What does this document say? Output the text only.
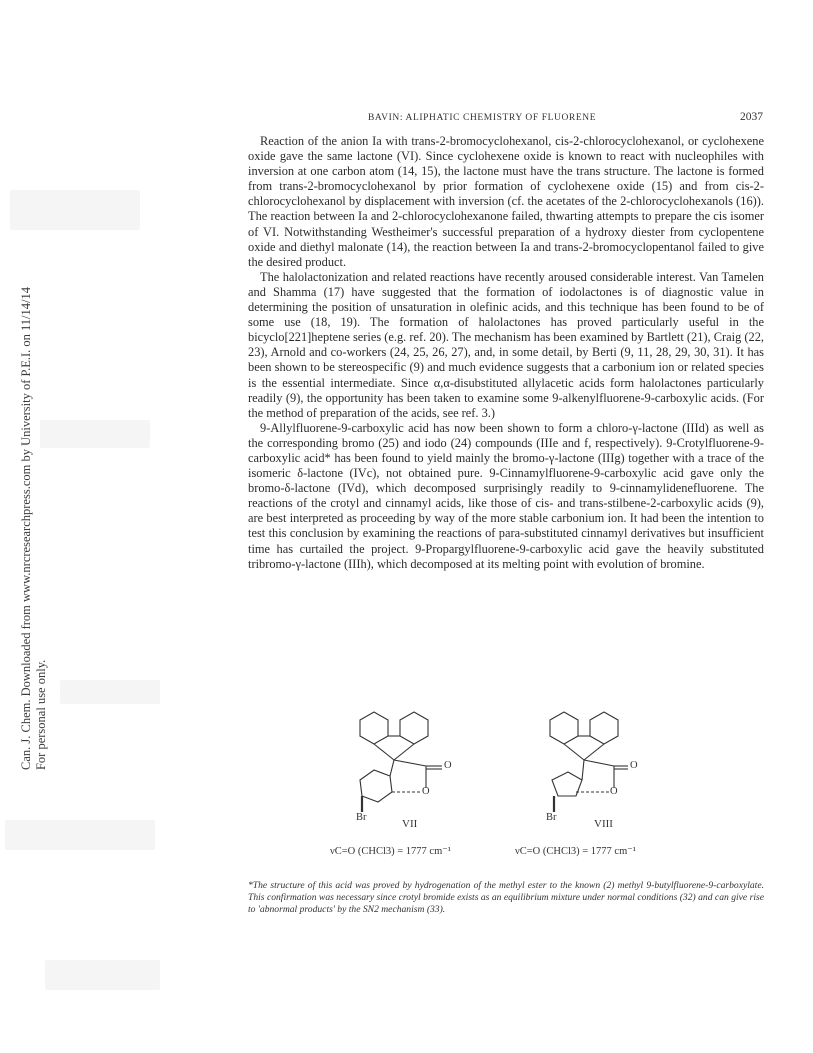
Can. J. Chem. Downloaded from www.nrcresearchpress.com by University of P.E.I. on 11/14/14 For personal use only.
BAVIN: ALIPHATIC CHEMISTRY OF FLUORENE	2037

Reaction of the anion Ia with trans-2-bromocyclohexanol, cis-2-chlorocyclohexanol, or cyclohexene oxide gave the same lactone (VI). Since cyclohexene oxide is known to react with nucleophiles with inversion at one carbon atom (14, 15), the lactone must have the trans structure. The lactone is formed from trans-2-bromocyclohexanol by prior formation of cyclohexene oxide (15) and from cis-2-chlorocyclohexanol by displacement with inversion (cf. the acetates of the 2-chlorocyclohexanols (16)). The reaction between Ia and 2-chlorocyclohexanone failed, thwarting attempts to prepare the cis isomer of VI. Notwithstanding Westheimer's successful preparation of a hydroxy diester from cyclopentene oxide and diethyl malonate (14), the reaction between Ia and trans-2-bromocyclopentanol failed to give the desired product.

The halolactonization and related reactions have recently aroused considerable interest. Van Tamelen and Shamma (17) have suggested that the formation of iodolactones is of diagnostic value in determining the position of unsaturation in olefinic acids, and this technique has been found to be of some use (18, 19). The formation of halolactones has proved particularly useful in the bicyclo[221]heptene series (e.g. ref. 20). The mechanism has been examined by Bartlett (21), Craig (22, 23), Arnold and co-workers (24, 25, 26, 27), and, in some detail, by Berti (9, 11, 28, 29, 30, 31). It has been shown to be stereospecific (9) and much evidence suggests that a carbonium ion or related species is the essential intermediate. Since α,α-disubstituted allylacetic acids form halolactones particularly readily (9), the opportunity has been taken to examine some 9-alkenylfluorene-9-carboxylic acids. (For the method of preparation of the acids, see ref. 3.)

9-Allylfluorene-9-carboxylic acid has now been shown to form a chloro-γ-lactone (IIId) as well as the corresponding bromo (25) and iodo (24) compounds (IIIe and f, respectively). 9-Crotylfluorene-9-carboxylic acid* has been found to yield mainly the bromo-γ-lactone (IIIg) together with a trace of the isomeric δ-lactone (IVc), not obtained pure. 9-Cinnamylfluorene-9-carboxylic acid gave only the bromo-δ-lactone (IVd), which decomposed surprisingly readily to 9-cinnamylidenefluorene. The reactions of the crotyl and cinnamyl acids, like those of cis- and trans-stilbene-2-carboxylic acids (9), are best interpreted as proceeding by way of the more stable carbonium ion. It had been the intention to test this conclusion by examining the reactions of para-substituted cinnamyl derivatives but insufficient time has curtailed the project. 9-Propargylfluorene-9-carboxylic acid gave the heavily substituted tribromo-γ-lactone (IIIh), which decomposed at its melting point with evolution of bromine.

O
O
Br
VII
νC=O (CHCl3) = 1777 cm⁻¹
O
O
Br
VIII
νC=O (CHCl3) = 1777 cm⁻¹
*The structure of this acid was proved by hydrogenation of the methyl ester to the known (2) methyl 9-butylfluorene-9-carboxylate. This confirmation was necessary since crotyl bromide exists as an equilibrium mixture under normal conditions (32) and can give rise to 'abnormal products' by the SN2 mechanism (33).
